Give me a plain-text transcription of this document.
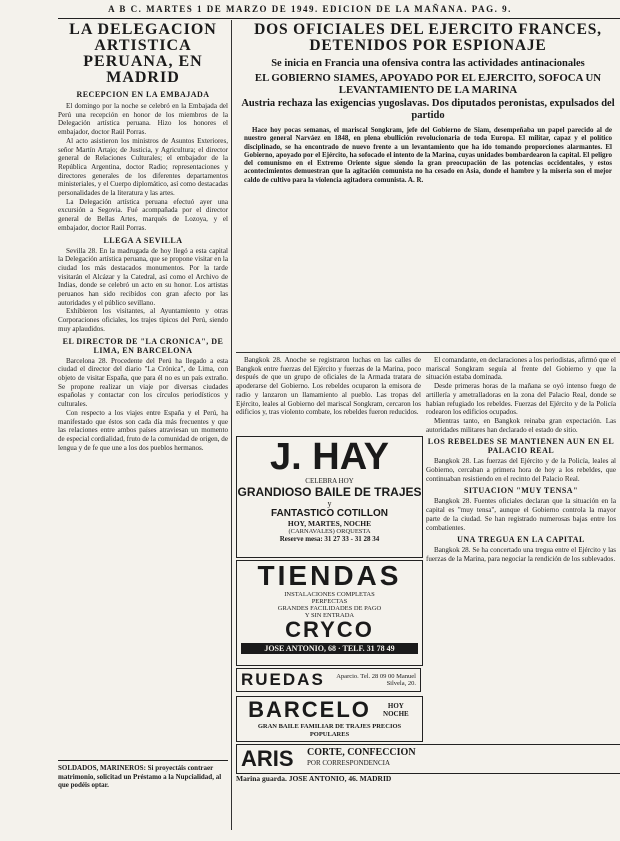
A B C. MARTES 1 DE MARZO DE 1949. EDICION DE LA MAÑANA. PAG. 9.
LA DELEGACION ARTISTICA PERUANA, EN MADRID
RECEPCION EN LA EMBAJADA

El domingo por la noche se celebró en la Embajada del Perú una recepción en honor de los miembros de la Delegación artística peruana. Hizo los honores el embajador, doctor Raúl Porras.

Al acto asistieron los ministros de Asuntos Exteriores, señor Martín Artajo; de Justicia, y Agricultura; el director general de Relaciones Culturales; el embajador de la República Argentina, doctor Radio; representaciones y directores generales de los diferentes departamentos ministeriales, y el Cuerpo diplomático, así como destacadas personalidades de la literatura y las artes.

La Delegación artística peruana efectuó ayer una excursión a Segovia. Fué acompañada por el director general de Bellas Artes, marqués de Lozoya, y el embajador, doctor Raúl Porras.

LLEGA A SEVILLA

Sevilla 28. En la madrugada de hoy llegó a esta capital la Delegación artística peruana, que se propone visitar en la ciudad los más destacados monumentos. Por la tarde visitarán el Alcázar y la Catedral, así como el Archivo de Indias, donde se celebró un acto en su honor. Los artistas peruanos han sido recibidos con gran afecto por las autoridades y el público sevillano.

Exhibieron los visitantes, al Ayuntamiento y otras Corporaciones oficiales, los trajes típicos del Perú, siendo muy aplaudidos.

EL DIRECTOR DE "LA CRONICA", DE LIMA, EN BARCELONA

Barcelona 28. Procedente del Perú ha llegado a esta ciudad el director del diario "La Crónica", de Lima, con objeto de visitar España, que para él no es un país extraño. Se propone realizar un viaje por diversas ciudades españolas y contactar con los círculos periodísticos y culturales.

Con respecto a los viajes entre España y el Perú, ha manifestado que éstos son cada día más frecuentes y que las relaciones entre ambos países atraviesan un momento de especial cordialidad, fruto de la comunidad de origen, de lengua y de fe que une a los dos pueblos hermanos.

SOLDADOS, MARINEROS: Si proyectáis contraer matrimonio, solicitad un Préstamo a la Nupcialidad, al que podéis optar.
DOS OFICIALES DEL EJERCITO FRANCES, DETENIDOS POR ESPIONAJE
Se inicia en Francia una ofensiva contra las actividades antinacionales
EL GOBIERNO SIAMES, APOYADO POR EL EJERCITO, SOFOCA UN LEVANTAMIENTO DE LA MARINA
Austria rechaza las exigencias yugoslavas. Dos diputados peronistas, expulsados del partido
Hace hoy pocas semanas, el mariscal Songkram, jefe del Gobierno de Siam, desempeñaba un papel parecido al de nuestro general Narváez en 1848, en plena ebullición revolucionaria de toda Europa. El militar, capaz y el político disciplinado, se ha encontrado de nuevo frente a un levantamiento que ha ido tomando proporciones alarmantes. El Gobierno, apoyado por el Ejército, ha sofocado el intento de la Marina, cuyas unidades bombardearon la capital. El peligro del comunismo en el Extremo Oriente sigue siendo la gran preocupación de las potencias occidentales, y estos acontecimientos demuestran que la agitación comunista no ha cesado en Asia, donde el hambre y la miseria son el mejor caldo de cultivo para la violencia agitadora comunista. A. R.

Bangkok 28. Anoche se registraron luchas en las calles de Bangkok entre fuerzas del Ejército y fuerzas de la Marina, poco después de que un grupo de oficiales de la Armada tratara de apoderarse del Gobierno. Los rebeldes ocuparon la emisora de radio y lanzaron un llamamiento al pueblo. Las tropas del Ejército, leales al Gobierno del mariscal Songkram, cercaron los edificios y, tras violento combate, los rebeldes fueron reducidos.

J. HAY
CELEBRA HOY
GRANDIOSO BAILE DE TRAJES
y
FANTASTICO COTILLON
HOY, MARTES, NOCHE
(CARNAVALES) ORQUESTA
Reserve mesa: 31 27 33 - 31 28 34
TIENDAS
INSTALACIONES COMPLETAS
PERFECTAS
GRANDES FACILIDADES DE PAGO
Y SIN ENTRADA
CRYCO
JOSE ANTONIO, 68 · TELF. 31 78 49
RUEDAS Aparcio. Tel. 28 09 00 Manuel Silvela, 20.
BARCELO	HOY NOCHE
GRAN BAILE FAMILIAR DE TRAJES PRECIOS POPULARES
ARIS CORTE, CONFECCION
POR CORRESPONDENCIA
Marina guarda. JOSE ANTONIO, 46. MADRID

El comandante, en declaraciones a los periodistas, afirmó que el mariscal Songkram seguía al frente del Gobierno y que la situación estaba dominada.

Desde primeras horas de la mañana se oyó intenso fuego de artillería y ametralladoras en la zona del Palacio Real, donde se habían refugiado los rebeldes. Fuerzas del Ejército y de la Policía rodearon los edificios ocupados.

Mientras tanto, en Bangkok reinaba gran expectación. Las autoridades militares han declarado el estado de sitio.

LOS REBELDES SE MANTIENEN AUN EN EL PALACIO REAL

Bangkok 28. Las fuerzas del Ejército y de la Policía, leales al Gobierno, cercaban a primera hora de hoy a los rebeldes, que continuaban resistiendo en el recinto del Palacio Real.

SITUACION "MUY TENSA"

Bangkok 28. Fuentes oficiales declaran que la situación en la capital es "muy tensa", aunque el Gobierno controla la mayor parte de la ciudad. Se han registrado numerosas bajas entre los combatientes.

UNA TREGUA EN LA CAPITAL

Bangkok 28. Se ha concertado una tregua entre el Ejército y las fuerzas de la Marina, para negociar la rendición de los sublevados.
